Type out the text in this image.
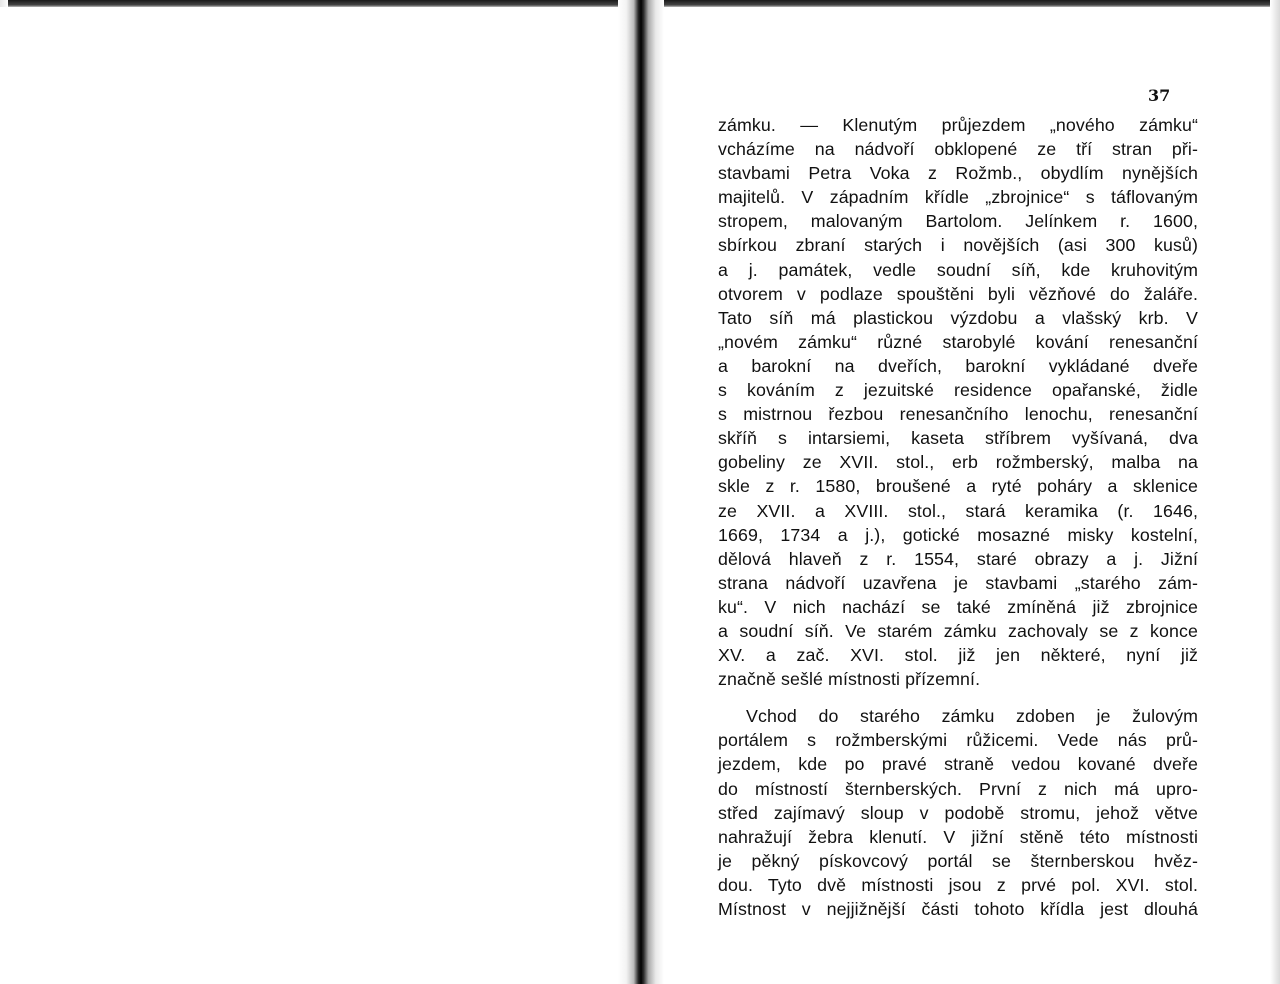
37
zámku. — Klenutým průjezdem „nového zámku“
vcházíme na nádvoří obklopené ze tří stran při-
stavbami Petra Voka z Rožmb., obydlím nynějších
majitelů. V západním křídle „zbrojnice“ s táflovaným
stropem, malovaným Bartolom. Jelínkem r. 1600,
sbírkou zbraní starých i novějších (asi 300 kusů)
a j. památek, vedle soudní síň, kde kruhovitým
otvorem v podlaze spouštěni byli vězňové do žaláře.
Tato síň má plastickou výzdobu a vlašský krb. V
„novém zámku“ různé starobylé kování renesanční
a barokní na dveřích, barokní vykládané dveře
s kováním z jezuitské residence opařanské, židle
s mistrnou řezbou renesančního lenochu, renesanční
skříň s intarsiemi, kaseta stříbrem vyšívaná, dva
gobeliny ze XVII. stol., erb rožmberský, malba na
skle z r. 1580, broušené a ryté poháry a sklenice
ze XVII. a XVIII. stol., stará keramika (r. 1646,
1669, 1734 a j.), gotické mosazné misky kostelní,
dělová hlaveň z r. 1554, staré obrazy a j. Jižní
strana nádvoří uzavřena je stavbami „starého zám-
ku“. V nich nachází se také zmíněná již zbrojnice
a soudní síň. Ve starém zámku zachovaly se z konce
XV. a zač. XVI. stol. již jen některé, nyní již
značně sešlé místnosti přízemní.
Vchod do starého zámku zdoben je žulovým
portálem s rožmberskými růžicemi. Vede nás prů-
jezdem, kde po pravé straně vedou kované dveře
do místností šternberských. První z nich má upro-
střed zajímavý sloup v podobě stromu, jehož větve
nahražují žebra klenutí. V jižní stěně této místnosti
je pěkný pískovcový portál se šternberskou hvěz-
dou. Tyto dvě místnosti jsou z prvé pol. XVI. stol.
Místnost v nejjižnější části tohoto křídla jest dlouhá
